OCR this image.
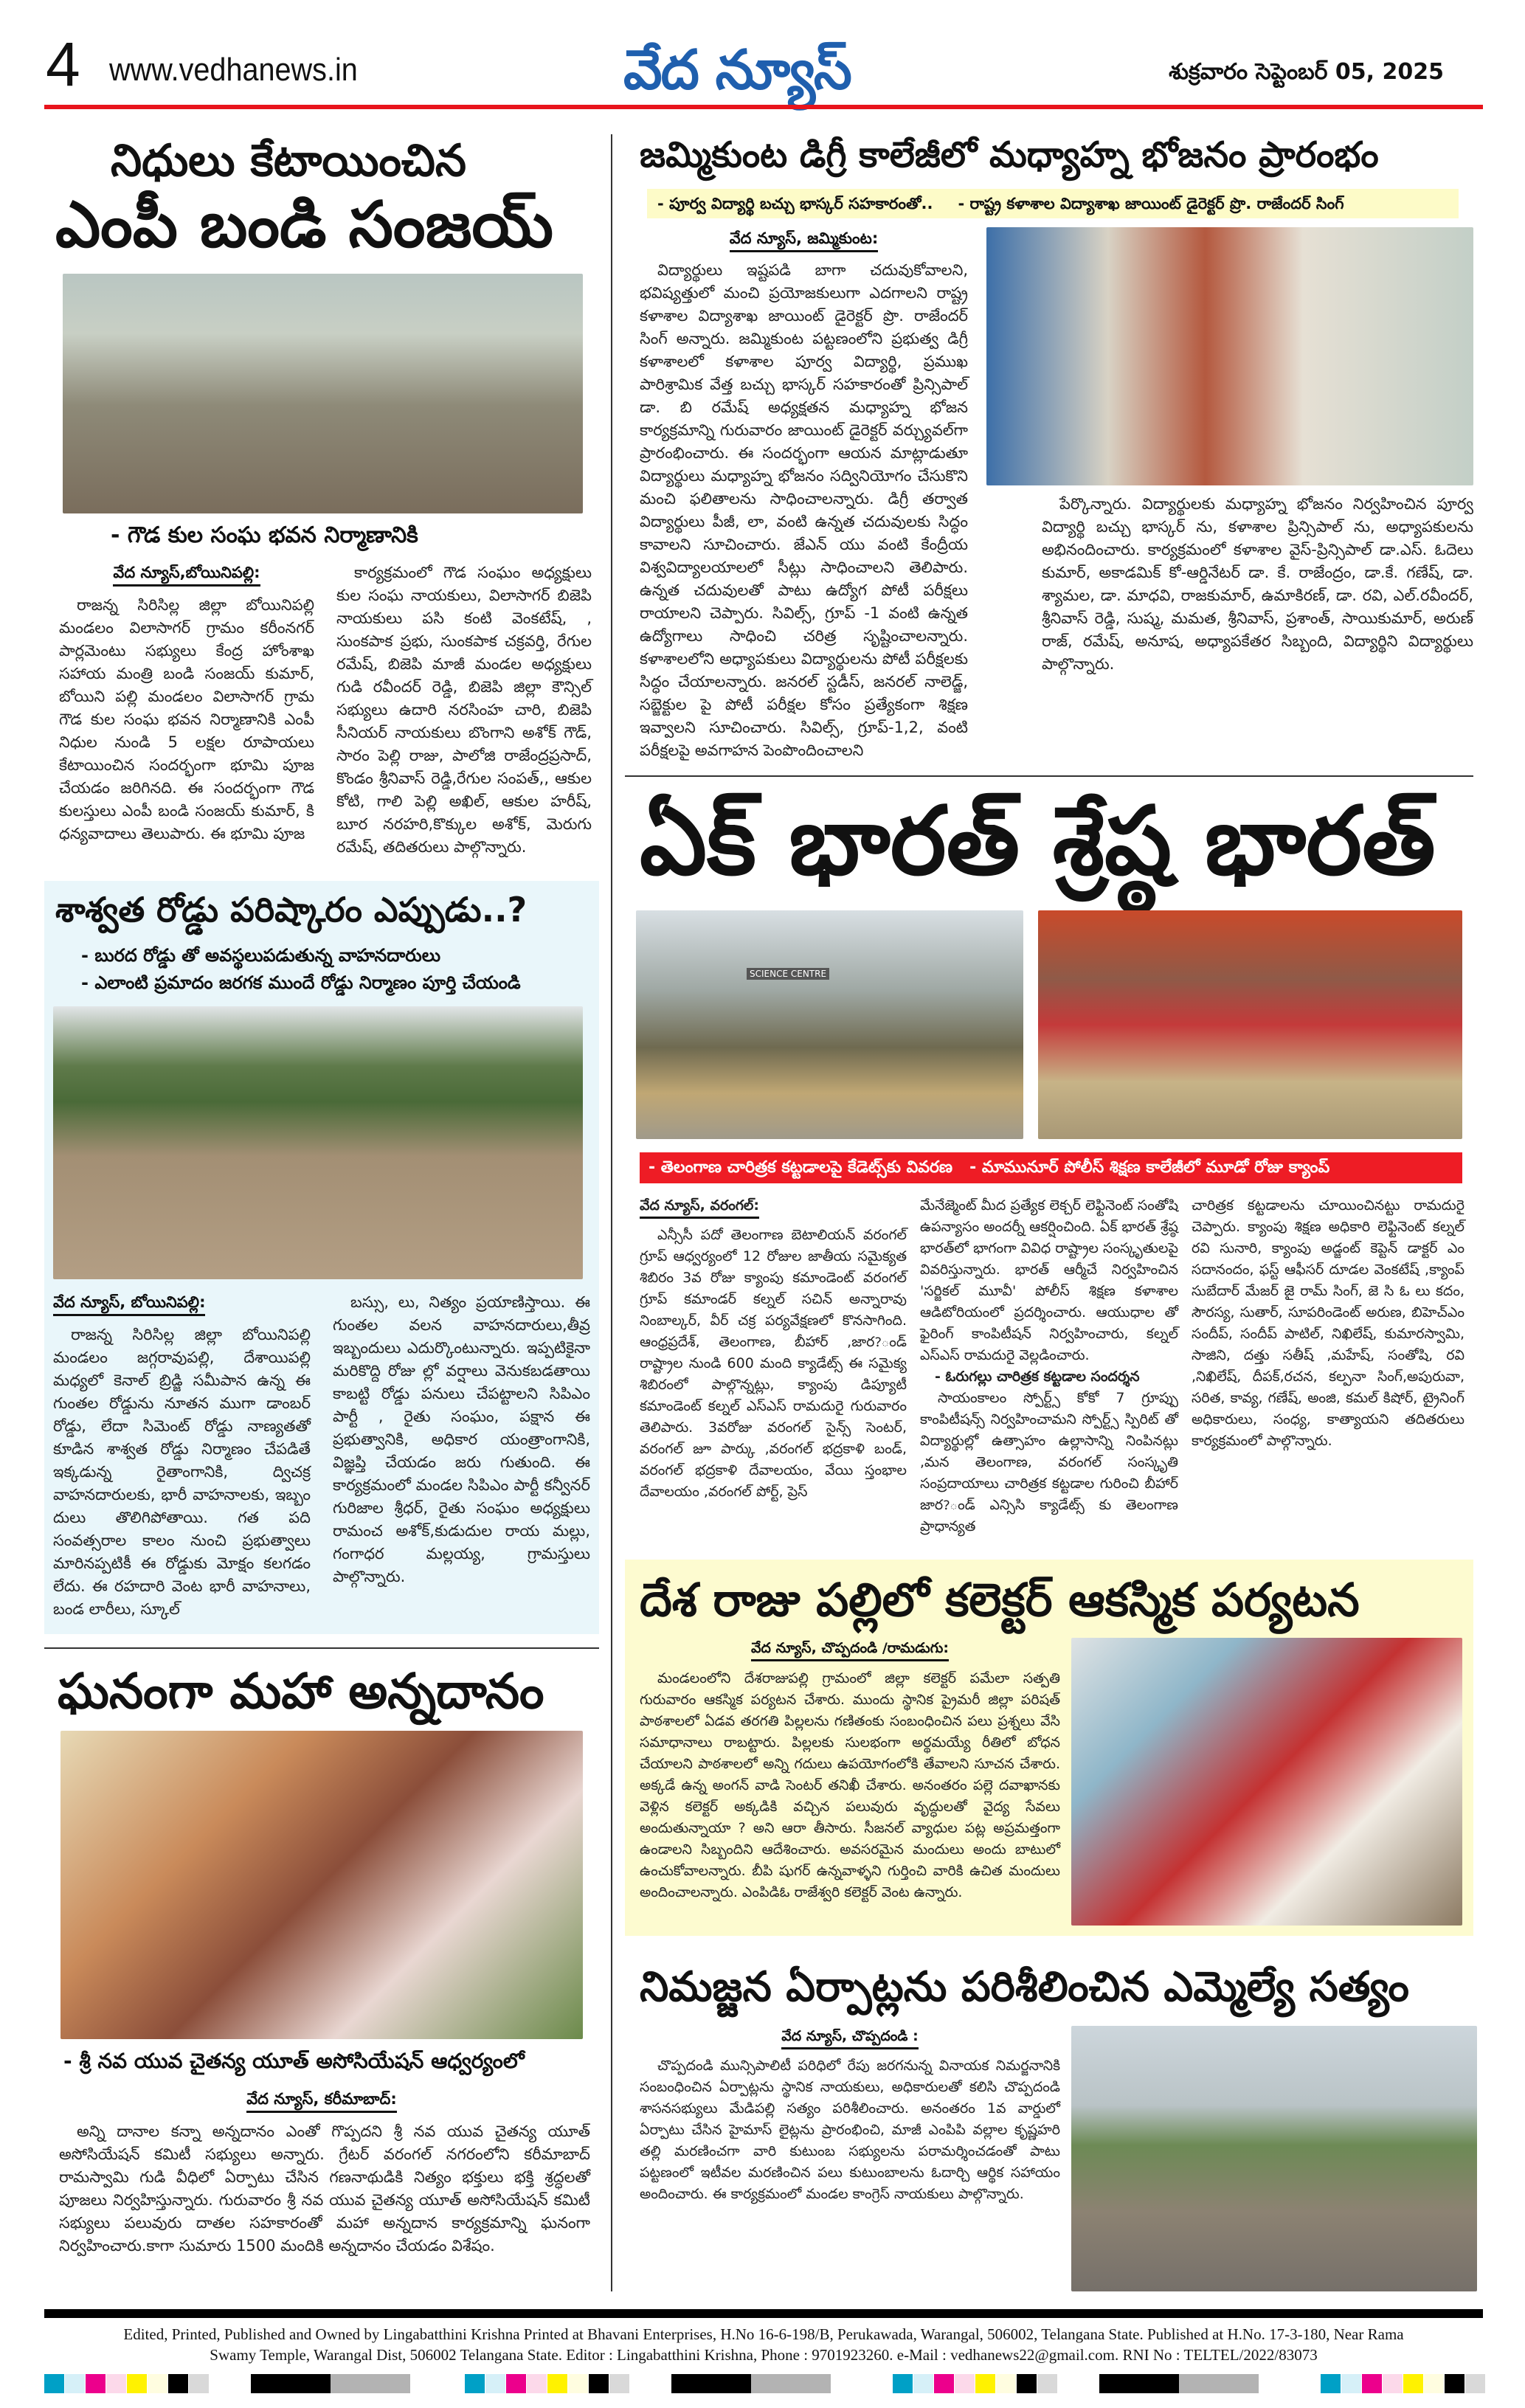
4 www.vedhanews.in	వేద న్యూస్	శుక్రవారం సెప్టెంబర్ 05, 2025
నిధులు కేటాయించిన
ఎంపీ బండి సంజయ్
- గౌడ కుల సంఘ భవన నిర్మాణానికి
వేద న్యూస్,బోయినిపల్లి:
రాజన్న సిరిసిల్ల జిల్లా బోయినిపల్లి మండలం విలాసాగర్ గ్రామం కరీంనగర్ పార్లమెంటు సభ్యులు కేంద్ర హోంశాఖ సహాయ మంత్రి బండి సంజయ్ కుమార్, బోయిని పల్లి మండలం విలాసాగర్ గ్రామ గౌడ కుల సంఘ భవన నిర్మాణానికి ఎంపీ నిధుల నుండి 5 లక్షల రూపాయలు కేటాయించిన సందర్భంగా భూమి పూజ చేయడం జరిగినది. ఈ సందర్భంగా గౌడ కులస్తులు ఎంపీ బండి సంజయ్ కుమార్, కి ధన్యవాదాలు తెలుపారు. ఈ భూమి పూజ
కార్యక్రమంలో గౌడ సంఘం అధ్యక్షులు కుల సంఘ నాయకులు, విలాసాగర్ బిజెపి నాయకులు పసి కంటి వెంకటేష్, , సుంకపాక ప్రభు, సుంకపాక చక్రవర్తి, రేగుల రమేష్, బిజెపి మాజీ మండల అధ్యక్షులు గుడి రవీందర్ రెడ్డి, బిజెపి జిల్లా కౌన్సిల్ సభ్యులు ఉదారి నరసింహ చారి, బిజెపి సీనియర్ నాయకులు బొంగాని అశోక్ గౌడ్, సారం పెల్లి రాజు, పాలోజి రాజేంద్రప్రసాద్, కొండం శ్రీనివాస్ రెడ్డి,రేగుల సంపత్,, ఆకుల కోటి, గాలి పెల్లి అఖిల్, ఆకుల హరీష్, బూర నరహరి,కొక్కుల అశోక్, మెరుగు రమేష్, తదితరులు పాల్గొన్నారు.
శాశ్వత రోడ్డు పరిష్కారం ఎప్పుడు..?
- బురద రోడ్డు తో అవస్థలుపడుతున్న వాహనదారులు
- ఎలాంటి ప్రమాదం జరగక ముందే రోడ్డు నిర్మాణం పూర్తి చేయండి
వేద న్యూస్, బోయినిపల్లి:
రాజన్న సిరిసిల్ల జిల్లా బోయినిపల్లి మండలం జగ్గరావుపల్లి, దేశాయిపల్లి మధ్యలో కెనాల్ బ్రిడ్జి సమీపాన ఉన్న ఈ గుంతల రోడ్డును నూతన ముగా డాంబర్ రోడ్డు, లేదా సిమెంట్ రోడ్డు నాణ్యతతో కూడిన శాశ్వత రోడ్డు నిర్మాణం చేపడితే ఇక్కడున్న రైతాంగానికి, ద్విచక్ర వాహనదారులకు, భారీ వాహనాలకు, ఇబ్బం దులు తొలిగిపోతాయి. గత పది సంవత్సరాల కాలం నుంచి ప్రభుత్వాలు మారినప్పటికీ ఈ రోడ్డుకు మోక్షం కలగడం లేదు. ఈ రహదారి వెంట భారీ వాహనాలు, బండ లారీలు, స్కూల్
బస్సు, లు, నిత్యం ప్రయాణిస్తాయి. ఈ గుంతల వలన వాహనదారులు,తీవ్ర ఇబ్బందులు ఎదుర్కొంటున్నారు. ఇప్పటికైనా మరికొద్ది రోజు ల్లో వర్షాలు వెనుకబడతాయి కాబట్టి రోడ్డు పనులు చేపట్టాలని సిపిఎం పార్టీ , రైతు సంఘం, పక్షాన ఈ ప్రభుత్వానికి, అధికార యంత్రాంగానికి, విజ్ఞప్తి చేయడం జరు గుతుంది. ఈ కార్యక్రమంలో మండల సిపిఎం పార్టీ కన్వీనర్ గురిజాల శ్రీధర్, రైతు సంఘం అధ్యక్షులు రామంచ అశోక్,కుడుదుల రాయ మల్లు, గంగాధర మల్లయ్య, గ్రామస్తులు పాల్గొన్నారు.
ఘనంగా మహా అన్నదానం
- శ్రీ నవ యువ చైతన్య యూత్ అసోసియేషన్ ఆధ్వర్యంలో
వేద న్యూస్, కరీమాబాద్:
అన్ని దానాల కన్నా అన్నదానం ఎంతో గొప్పదని శ్రీ నవ యువ చైతన్య యూత్ అసోసియేషన్ కమిటీ సభ్యులు అన్నారు. గ్రేటర్ వరంగల్ నగరంలోని కరీమాబాద్ రామస్వామి గుడి వీధిలో ఏర్పాటు చేసిన గణనాథుడికి నిత్యం భక్తులు భక్తి శ్రద్ధలతో పూజలు నిర్వహిస్తున్నారు. గురువారం శ్రీ నవ యువ చైతన్య యూత్ అసోసియేషన్ కమిటీ సభ్యులు పలువురు దాతల సహకారంతో మహా అన్నదాన కార్యక్రమాన్ని ఘనంగా నిర్వహించారు.కాగా సుమారు 1500 మందికి అన్నదానం చేయడం విశేషం.
జమ్మికుంట డిగ్రీ కాలేజీలో మధ్యాహ్న భోజనం ప్రారంభం
- పూర్వ విద్యార్థి బచ్చు భాస్కర్ సహకారంతో.. - రాష్ట్ర కళాశాల విద్యాశాఖ జాయింట్ డైరెక్టర్ ప్రొ. రాజేందర్ సింగ్
వేద న్యూస్, జమ్మికుంట:
విద్యార్థులు ఇష్టపడి బాగా చదువుకోవాలని, భవిష్యత్తులో మంచి ప్రయోజకులుగా ఎదగాలని రాష్ట్ర కళాశాల విద్యాశాఖ జాయింట్ డైరెక్టర్ ప్రొ. రాజేందర్ సింగ్ అన్నారు. జమ్మికుంట పట్టణంలోని ప్రభుత్వ డిగ్రీ కళాశాలలో కళాశాల పూర్వ విద్యార్థి, ప్రముఖ పారిశ్రామిక వేత్త బచ్చు భాస్కర్ సహకారంతో ప్రిన్సిపాల్ డా. బి రమేష్ అధ్యక్షతన మధ్యాహ్న భోజన కార్యక్రమాన్ని గురువారం జాయింట్ డైరెక్టర్ వర్చ్యువల్‌గా ప్రారంభించారు. ఈ సందర్భంగా ఆయన మాట్లాడుతూ విద్యార్థులు మధ్యాహ్న భోజనం సద్వినియోగం చేసుకొని మంచి ఫలితాలను సాధించాలన్నారు. డిగ్రీ తర్వాత విద్యార్థులు పీజీ, లా, వంటి ఉన్నత చదువులకు సిద్ధం కావాలని సూచించారు. జేఎన్ యు వంటి కేంద్రీయ విశ్వవిద్యాలయాలలో సీట్లు సాధించాలని తెలిపారు. ఉన్నత చదువులతో పాటు ఉద్యోగ పోటీ పరీక్షలు రాయాలని చెప్పారు. సివిల్స్, గ్రూప్ -1 వంటి ఉన్నత ఉద్యోగాలు సాధించి చరిత్ర సృష్టించాలన్నారు. కళాశాలలోని అధ్యాపకులు విద్యార్థులను పోటీ పరీక్షలకు సిద్ధం చేయాలన్నారు. జనరల్ స్టడీస్, జనరల్ నాలెడ్జ్, సబ్జెక్టుల పై పోటీ పరీక్షల కోసం ప్రత్యేకంగా శిక్షణ ఇవ్వాలని సూచించారు. సివిల్స్, గ్రూప్-1,2, వంటి పరీక్షలపై అవగాహన పెంపొందించాలని
పేర్కొన్నారు. విద్యార్థులకు మధ్యాహ్న భోజనం నిర్వహించిన పూర్వ విద్యార్థి బచ్చు భాస్కర్ ను, కళాశాల ప్రిన్సిపాల్ ను, అధ్యాపకులను అభినందించారు. కార్యక్రమంలో కళాశాల వైస్-ప్రిన్సిపాల్ డా.ఎస్. ఓదెలు కుమార్, అకాడమిక్ కో-ఆర్డినేటర్ డా. కే. రాజేంద్రం, డా.కే. గణేష్, డా. శ్యామల, డా. మాధవి, రాజకుమార్, ఉమాకిరణ్, డా. రవి, ఎల్.రవీందర్, శ్రీనివాస్ రెడ్డి, సుష్మ, మమత, శ్రీనివాస్, ప్రశాంత్, సాయికుమార్, అరుణ్ రాజ్, రమేష్, అనూష, అధ్యాపకేతర సిబ్బంది, విద్యార్థిని విద్యార్థులు పాల్గొన్నారు.
ఏక్ భారత్ శ్రేష్ఠ భారత్
SCIENCE CENTRE
- తెలంగాణ చారిత్రక కట్టడాలపై కేడెట్స్‌కు వివరణ   - మామునూర్ పోలీస్ శిక్షణ కాలేజీలో మూడో రోజు క్యాంప్
వేద న్యూస్, వరంగల్:
ఎన్సీసీ పదో తెలంగాణ బెటాలియన్ వరంగల్ గ్రూప్ ఆధ్వర్యంలో 12 రోజుల జాతీయ సమైక్యత శిబిరం 3వ రోజు క్యాంపు కమాండెంట్ వరంగల్ గ్రూప్ కమాండర్ కల్నల్ సచిన్ అన్నారావు నింబాల్కర్, వీర్ చక్ర పర్యవేక్షణలో కొనసాగింది. ఆంధ్రప్రదేశ్, తెలంగాణ, బీహార్ ,జార?ండ్ రాష్ట్రాల నుండి 600 మంది క్యాడేట్స్ ఈ సమైక్య శిబిరంలో పాల్గొన్నట్లు, క్యాంపు డిప్యూటీ కమాండెంట్ కల్నల్ ఎస్ఎస్ రామదురై గురువారం తెలిపారు. 3వరోజు వరంగల్ సైన్స్ సెంటర్, వరంగల్ జూ పార్కు ,వరంగల్ భద్రకాళి బండ్, వరంగల్ భద్రకాళి దేవాలయం, వేయి స్తంభాల దేవాలయం ,వరంగల్ పోర్ట్, ప్రెస్
మేనేజ్మెంట్ మీద ప్రత్యేక లెక్చర్ లెఫ్టినెంట్ సంతోషి ఉపన్యాసం అందర్నీ ఆకర్షించింది. ఏక్ భారత్ శ్రేష్ఠ భారత్‌లో భాగంగా వివిధ రాష్ట్రాల సంస్కృతులపై వివరిస్తున్నారు. భారత్ ఆర్మీచే నిర్వహించిన 'సర్జికల్ మూవీ' పోలీస్ శిక్షణ కళాశాల ఆడిటోరియంలో ప్రదర్శించారు. ఆయుధాల తో ఫైరింగ్ కాంపిటీషన్ నిర్వహించారు, కల్నల్ ఎస్ఎస్ రామదురై వెల్లడించారు.
- ఓరుగల్లు చారిత్రక కట్టడాల సందర్శన
సాయంకాలం స్పోర్ట్స్ కోకో 7 గ్రూప్పు కాంపిటీషన్స్ నిర్వహించామని స్పోర్ట్స్ స్పిరిట్ తో విద్యార్థుల్లో ఉత్సాహం ఉల్లాసాన్ని నింపినట్లు ,మన తెలంగాణ, వరంగల్ సంస్కృతి సంప్రదాయాలు చారిత్రక కట్టడాల గురించి బీహార్ జార?ండ్ ఎన్సిసి క్యాడేట్స్ కు తెలంగాణ ప్రాధాన్యత
చారిత్రక కట్టడాలను చూయించినట్టు రామదురై చెప్పారు. క్యాంపు శిక్షణ అధికారి లెఫ్టినెంట్ కల్నల్ రవి సునారి, క్యాంపు అడ్జంట్ కెప్టెన్ డాక్టర్ ఎం సదానందం, ఫస్ట్ ఆఫీసర్ దూడల వెంకటేష్ ,క్యాంప్ సుబేదార్ మేజర్ జై రామ్ సింగ్, జె సి ఓ లు కదం, సౌరస్య, సుతార్, సూపరిండెంట్ అరుణ, బిహెచ్ఎం సందీప్, సందీప్ పాటిల్, నిఖిలేష్, కుమారస్వామి, సాజిని, దత్తు సతీష్ ,మహేష్, సంతోషి, రవి ,నిఖిలేష్, దీపక్,రచన, కల్పనా సింగ్,అపురువా, సరిత, కావ్య, గణేష్, అంజి, కమల్ కిషోర్, ట్రైనింగ్ అధికారులు, సంధ్య, కాత్యాయని తదితరులు కార్యక్రమంలో పాల్గొన్నారు.
దేశ రాజు పల్లిలో కలెక్టర్ ఆకస్మిక పర్యటన
వేద న్యూస్, చొప్పదండి /రామడుగు:
మండలంలోని దేశరాజుపల్లి గ్రామంలో జిల్లా కలెక్టర్ పమేలా సత్పతి గురువారం ఆకస్మిక పర్యటన చేశారు. ముందు స్థానిక ప్రైమరీ జిల్లా పరిషత్ పాఠశాలలో ఏడవ తరగతి పిల్లలను గణితంకు సంబంధించిన పలు ప్రశ్నలు వేసి సమాధానాలు రాబట్టారు. పిల్లలకు సులభంగా అర్థమయ్యే రీతిలో బోధన చేయాలని పాఠశాలలో అన్ని గదులు ఉపయోగంలోకి తేవాలని సూచన చేశారు. అక్కడే ఉన్న అంగన్ వాడి సెంటర్ తనిఖీ చేశారు. అనంతరం పల్లె దవాఖానకు వెళ్లిన కలెక్టర్ అక్కడికి వచ్చిన పలువురు వృద్ధులతో వైద్య సేవలు అందుతున్నాయా ? అని ఆరా తీసారు. సీజనల్ వ్యాధుల పట్ల అప్రమత్తంగా ఉండాలని సిబ్బందిని ఆదేశించారు. అవసరమైన మందులు అందు బాటులో ఉంచుకోవాలన్నారు. బీపి షుగర్ ఉన్నవాళ్ళని గుర్తించి వారికి ఉచిత మందులు అందించాలన్నారు. ఎంపిడిఓ రాజేశ్వరి కలెక్టర్ వెంట ఉన్నారు.
నిమజ్జన ఏర్పాట్లను పరిశీలించిన ఎమ్మెల్యే సత్యం
వేద న్యూస్, చొప్పదండి :
చొప్పదండి మున్సిపాలిటీ పరిధిలో రేపు జరగనున్న వినాయక నిమర్జనానికి సంబంధించిన ఏర్పాట్లను స్థానిక నాయకులు, అధికారులతో కలిసి చొప్పదండి శాసనసభ్యులు మేడిపల్లి సత్యం పరిశీలించారు. అనంతరం 1వ వార్డులో ఏర్పాటు చేసిన హైమాస్ లైట్లను ప్రారంభించి, మాజీ ఎంపిపి వల్లాల కృష్ణహరి తల్లి మరణించగా వారి కుటుంబ సభ్యులను పరామర్శించడంతో పాటు పట్టణంలో ఇటీవల మరణించిన పలు కుటుంబాలను ఓదార్చి ఆర్థిక సహాయం అందించారు. ఈ కార్యక్రమంలో మండల కాంగ్రెస్ నాయకులు పాల్గొన్నారు.
Edited, Printed, Published and Owned by Lingabatthini Krishna Printed at Bhavani Enterprises, H.No 16-6-198/B, Perukawada, Warangal, 506002, Telangana State. Published at H.No. 17-3-180, Near Rama
Swamy Temple, Warangal Dist, 506002 Telangana State. Editor : Lingabatthini Krishna, Phone : 9701923260. e-Mail : vedhanews22@gmail.com. RNI No : TELTEL/2022/83073
